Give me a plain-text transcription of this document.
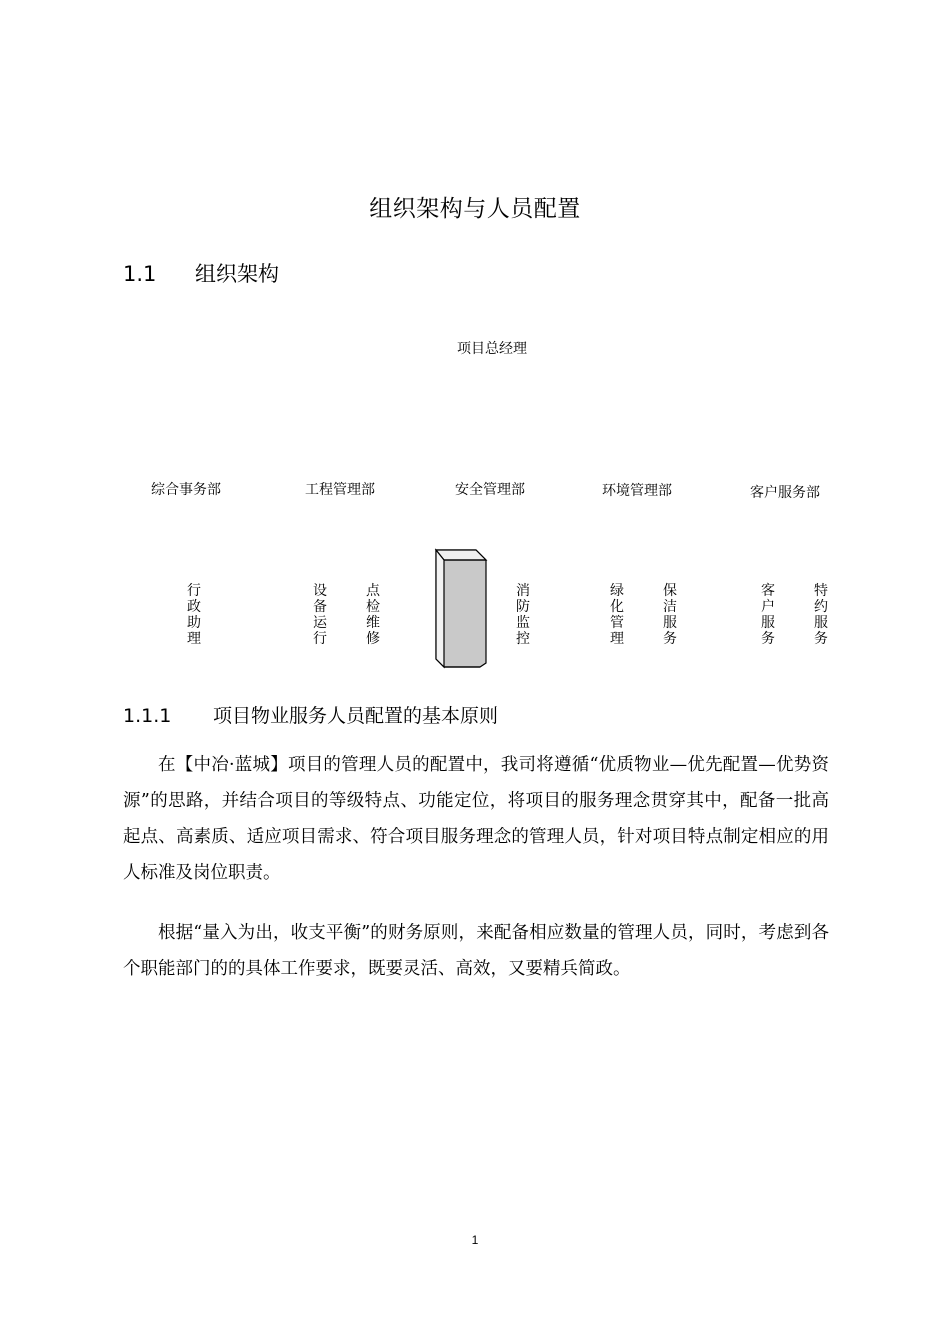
组织架构与人员配置
1.1 组织架构
项目总经理
综合事务部	工程管理部	安全管理部	环境管理部	客户服务部
行政助理
设备运行
点检维修
消防监控
绿化管理
保洁服务
客户服务
特约服务
1.1.1 项目物业服务人员配置的基本原则

在【中冶·蓝城】项目的管理人员的配置中，我司将遵循“优质物业—优先配置—优势资源”的思路，并结合项目的等级特点、功能定位，将项目的服务理念贯穿其中，配备一批高起点、高素质、适应项目需求、符合项目服务理念的管理人员，针对项目特点制定相应的用人标准及岗位职责。

根据“量入为出，收支平衡”的财务原则，来配备相应数量的管理人员，同时，考虑到各个职能部门的的具体工作要求，既要灵活、高效，又要精兵简政。

1
